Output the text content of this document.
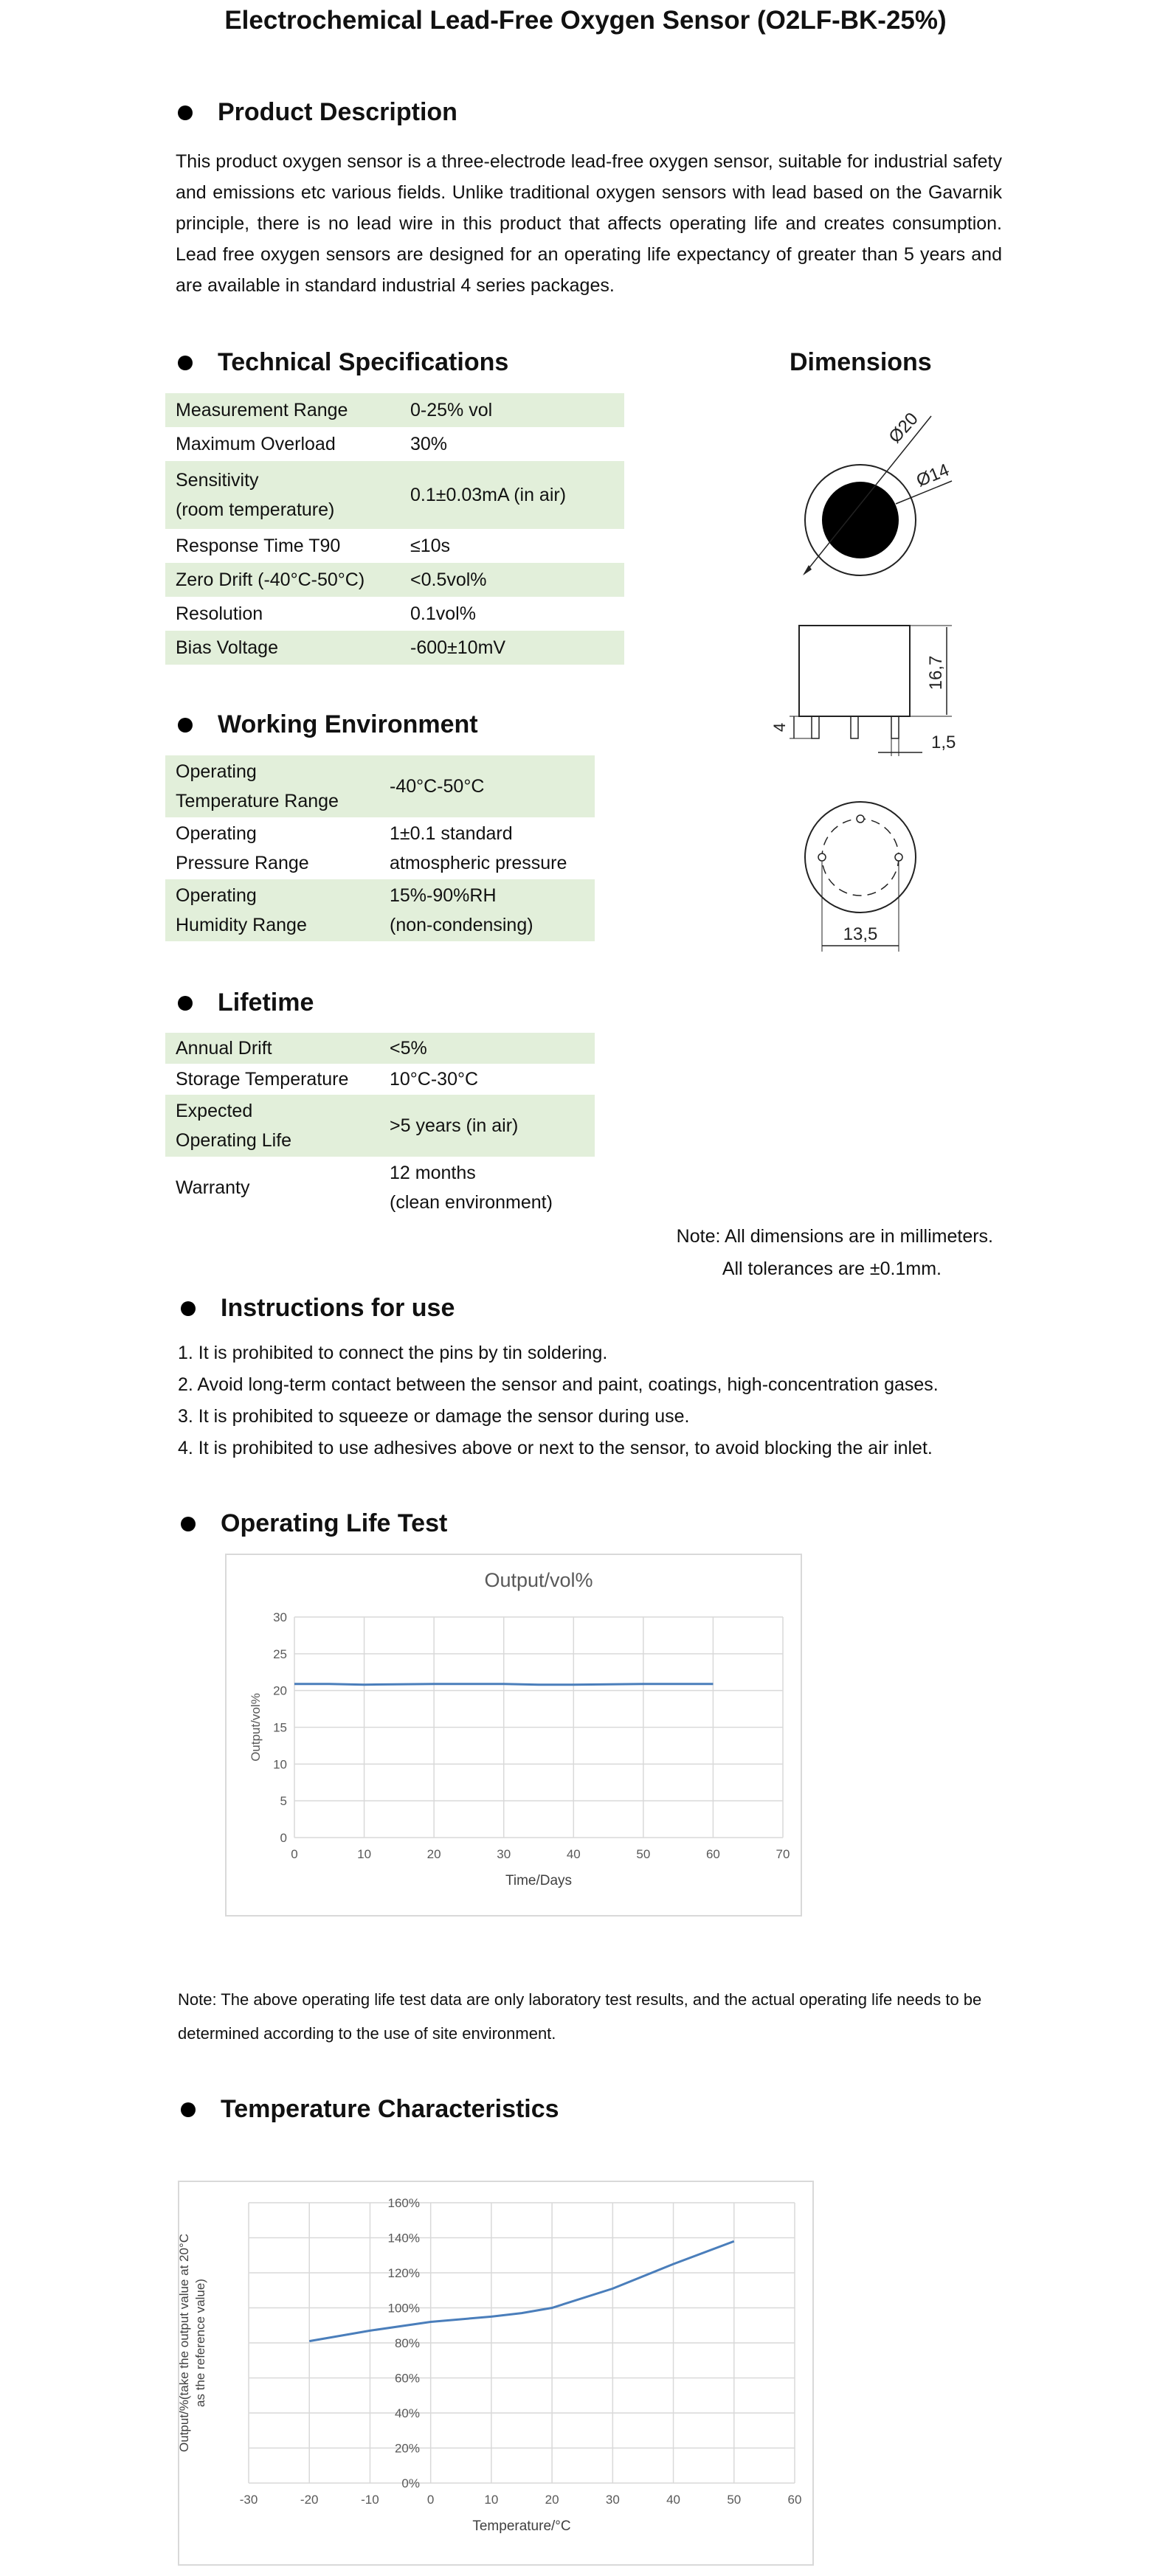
Electrochemical Lead-Free Oxygen Sensor (O2LF-BK-25%)
Product Description
This product oxygen sensor is a three-electrode lead-free oxygen sensor, suitable for industrial safety and emissions etc various fields. Unlike traditional oxygen sensors with lead based on the Gavarnik principle, there is no lead wire in this product that affects operating life and creates consumption. Lead free oxygen sensors are designed for an operating life expectancy of greater than 5 years and are available in standard industrial 4 series packages.
Technical Specifications
Measurement Range	0-25% vol
Maximum Overload	30%
Sensitivity
(room temperature)	0.1±0.03mA (in air)
Response Time T90	≤10s
Zero Drift (-40°C-50°C)	<0.5vol%
Resolution	0.1vol%
Bias Voltage	-600±10mV
Dimensions
Ø20
Ø14
16,7
4
1,5
13,5
Working Environment
Operating
Temperature Range	-40°C-50°C
Operating
Pressure Range	1±0.1 standard
atmospheric pressure
Operating
Humidity Range	15%-90%RH
(non-condensing)
Lifetime
Annual Drift	<5%
Storage Temperature	10°C-30°C
Expected
Operating Life	>5 years (in air)
Warranty	12 months
(clean environment)
Note: All dimensions are in millimeters.
All tolerances are ±0.1mm.
Instructions for use
1. It is prohibited to connect the pins by tin soldering.
2. Avoid long-term contact between the sensor and paint, coatings, high-concentration gases.
3. It is prohibited to squeeze or damage the sensor during use.
4. It is prohibited to use adhesives above or next to the sensor, to avoid blocking the air inlet.
Operating Life Test
0
5
10
15
20
25
30
0	10	20	30	40	50	60	70
Output/vol%
Time/Days
Output/vol%
Note: The above operating life test data are only laboratory test results, and the actual operating life needs to be determined according to the use of site environment.
Temperature Characteristics
0%
20%
40%
60%
80%
100%
120%
140%
160%
-30	-20	-10	0	10	20	30	40	50	60
Temperature/°C
Output/%(take the output value at 20°C as the reference value)
